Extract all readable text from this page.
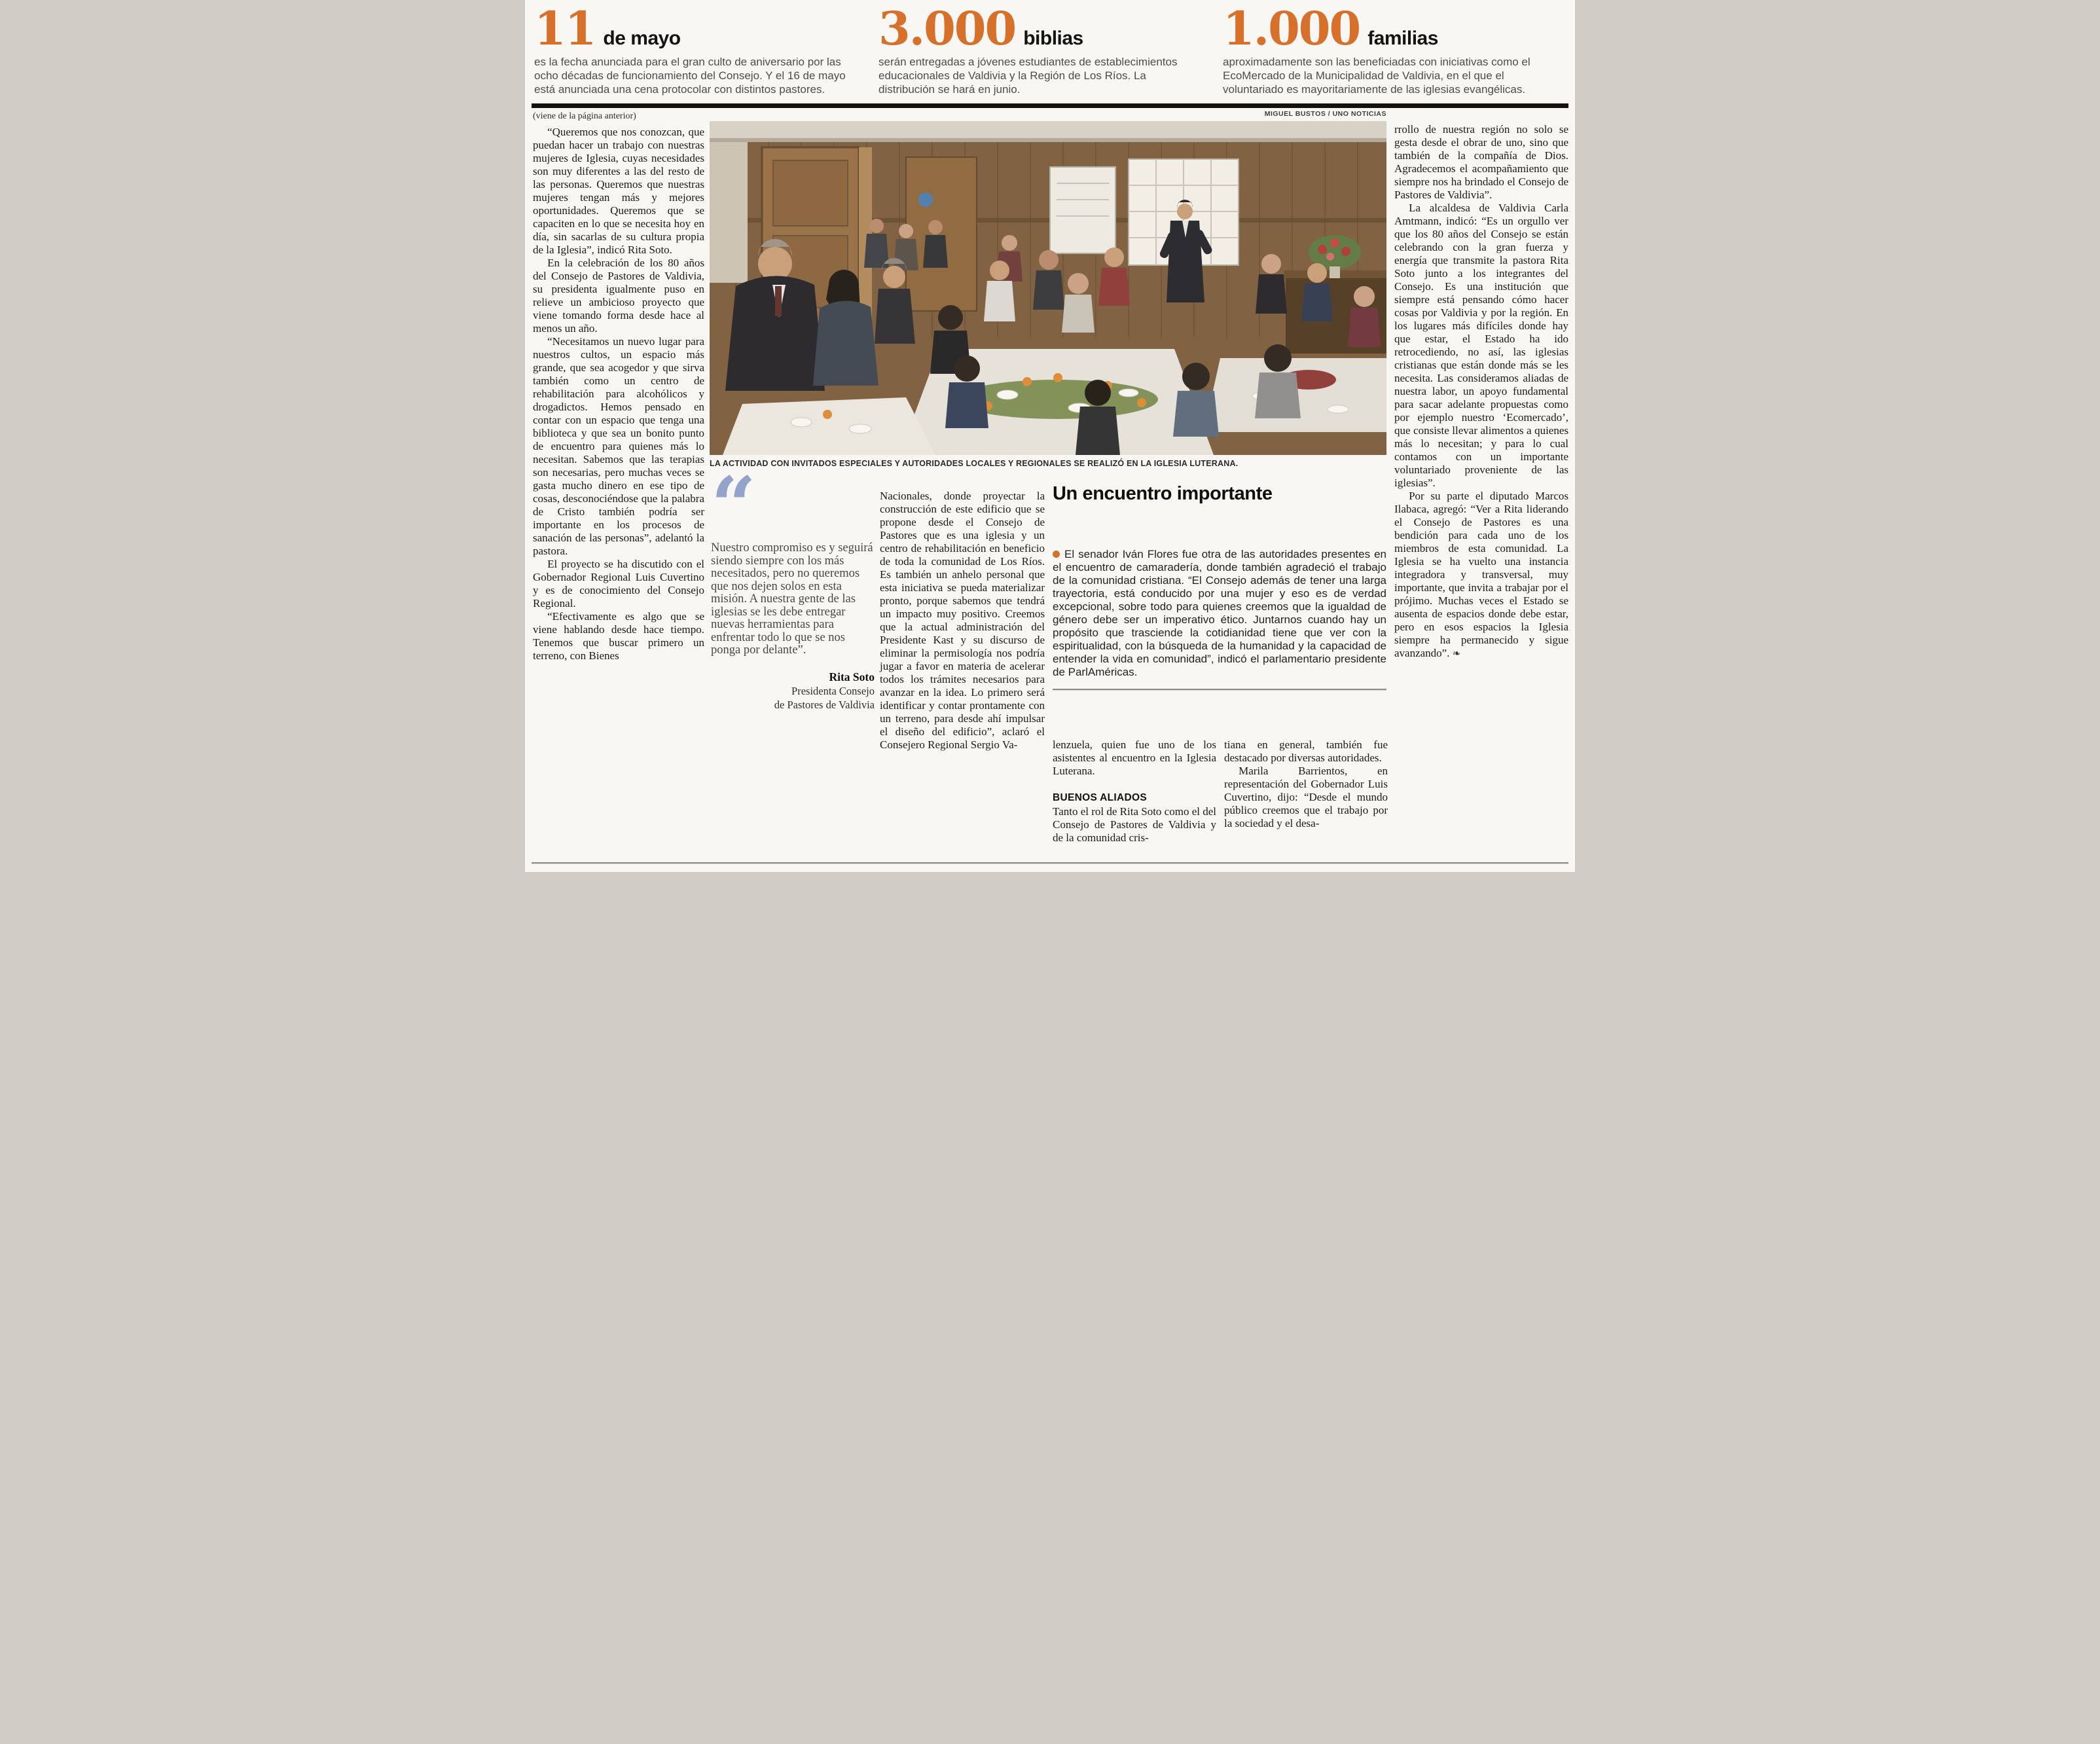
11 de mayo
es la fecha anunciada para el gran culto de aniversario por las ocho décadas de funcionamiento del Consejo. Y el 16 de mayo está anunciada una cena protocolar con distintos pastores.
3.000 biblias
serán entregadas a jóvenes estudiantes de establecimientos educacionales de Valdivia y la Región de Los Ríos. La distribución se hará en junio.
1.000 familias
aproximadamente son las beneficiadas con iniciativas como el EcoMercado de la Municipalidad de Valdivia, en el que el voluntariado es mayoritariamente de las iglesias evangélicas.
(viene de la página anterior)	MIGUEL BUSTOS / UNO NOTICIAS
LA ACTIVIDAD CON INVITADOS ESPECIALES Y AUTORIDADES LOCALES Y REGIONALES SE REALIZÓ EN LA IGLESIA LUTERANA.

“Queremos que nos conozcan, que puedan hacer un trabajo con nuestras mujeres de Iglesia, cuyas necesidades son muy diferentes a las del resto de las personas. Queremos que nuestras mujeres tengan más y mejores oportunidades. Queremos que se capaciten en lo que se necesita hoy en día, sin sacarlas de su cultura propia de la Iglesia”, indicó Rita Soto.

En la celebración de los 80 años del Consejo de Pastores de Valdivia, su presidenta igualmente puso en relieve un ambicioso proyecto que viene tomando forma desde hace al menos un año.

“Necesitamos un nuevo lugar para nuestros cultos, un espacio más grande, que sea acogedor y que sirva también como un centro de rehabilitación para alcohólicos y drogadictos. Hemos pensado en contar con un espacio que tenga una biblioteca y que sea un bonito punto de encuentro para quienes más lo necesitan. Sabemos que las terapias son necesarias, pero muchas veces se gasta mucho dinero en ese tipo de cosas, desconociéndose que la palabra de Cristo también podría ser importante en los procesos de sanación de las personas”, adelantó la pastora.

El proyecto se ha discutido con el Gobernador Regional Luis Cuvertino y es de conocimiento del Consejo Regional.

“Efectivamente es algo que se viene hablando desde hace tiempo. Tenemos que buscar primero un terreno, con Bienes

“
Nuestro compromiso es y seguirá siendo siempre con los más necesitados, pero no queremos que nos dejen solos en esta misión. A nuestra gente de las iglesias se les debe entregar nuevas herramientas para enfrentar todo lo que se nos ponga por delante”.
Rita Soto
Presidenta Consejo
de Pastores de Valdivia

Nacionales, donde proyectar la construcción de este edificio que se propone desde el Consejo de Pastores que es una iglesia y un centro de rehabilitación en beneficio de toda la comunidad de Los Ríos. Es también un anhelo personal que esta iniciativa se pueda materializar pronto, porque sabemos que tendrá un impacto muy positivo. Creemos que la actual administración del Presidente Kast y su discurso de eliminar la permisología nos podría jugar a favor en materia de acelerar todos los trámites necesarios para avanzar en la idea. Lo primero será identificar y contar prontamente con un terreno, para desde ahí impulsar el diseño del edificio”, aclaró el Consejero Regional Sergio Va-

Un encuentro importante

El senador Iván Flores fue otra de las autoridades presentes en el encuentro de camaradería, donde también agradeció el trabajo de la comunidad cristiana. “El Consejo además de tener una larga trayectoria, está conducido por una mujer y eso es de verdad excepcional, sobre todo para quienes creemos que la igualdad de género debe ser un imperativo ético. Juntarnos cuando hay un propósito que trasciende la cotidianidad tiene que ver con la espiritualidad, con la búsqueda de la humanidad y la capacidad de entender la vida en comunidad”, indicó el parlamentario presidente de ParlAméricas.

lenzuela, quien fue uno de los asistentes al encuentro en la Iglesia Luterana.

BUENOS ALIADOS

Tanto el rol de Rita Soto como el del Consejo de Pastores de Valdivia y de la comunidad cris-

tiana en general, también fue destacado por diversas autoridades.

Marila Barrientos, en representación del Gobernador Luis Cuvertino, dijo: “Desde el mundo público creemos que el trabajo por la sociedad y el desa-

rrollo de nuestra región no solo se gesta desde el obrar de uno, sino que también de la compañía de Dios. Agradecemos el acompañamiento que siempre nos ha brindado el Consejo de Pastores de Valdivia”.

La alcaldesa de Valdivia Carla Amtmann, indicó: “Es un orgullo ver que los 80 años del Consejo se están celebrando con la gran fuerza y energía que transmite la pastora Rita Soto junto a los integrantes del Consejo. Es una institución que siempre está pensando cómo hacer cosas por Valdivia y por la región. En los lugares más difíciles donde hay que estar, el Estado ha ido retrocediendo, no así, las iglesias cristianas que están donde más se les necesita. Las consideramos aliadas de nuestra labor, un apoyo fundamental para sacar adelante propuestas como por ejemplo nuestro ‘Ecomercado’, que consiste llevar alimentos a quienes más lo necesitan; y para lo cual contamos con un importante voluntariado proveniente de las iglesias”.

Por su parte el diputado Marcos Ilabaca, agregó: “Ver a Rita liderando el Consejo de Pastores es una bendición para cada uno de los miembros de esta comunidad. La Iglesia se ha vuelto una instancia integradora y transversal, muy importante, que invita a trabajar por el prójimo. Muchas veces el Estado se ausenta de espacios donde debe estar, pero en esos espacios la Iglesia siempre ha permanecido y sigue avanzando”. ❧
